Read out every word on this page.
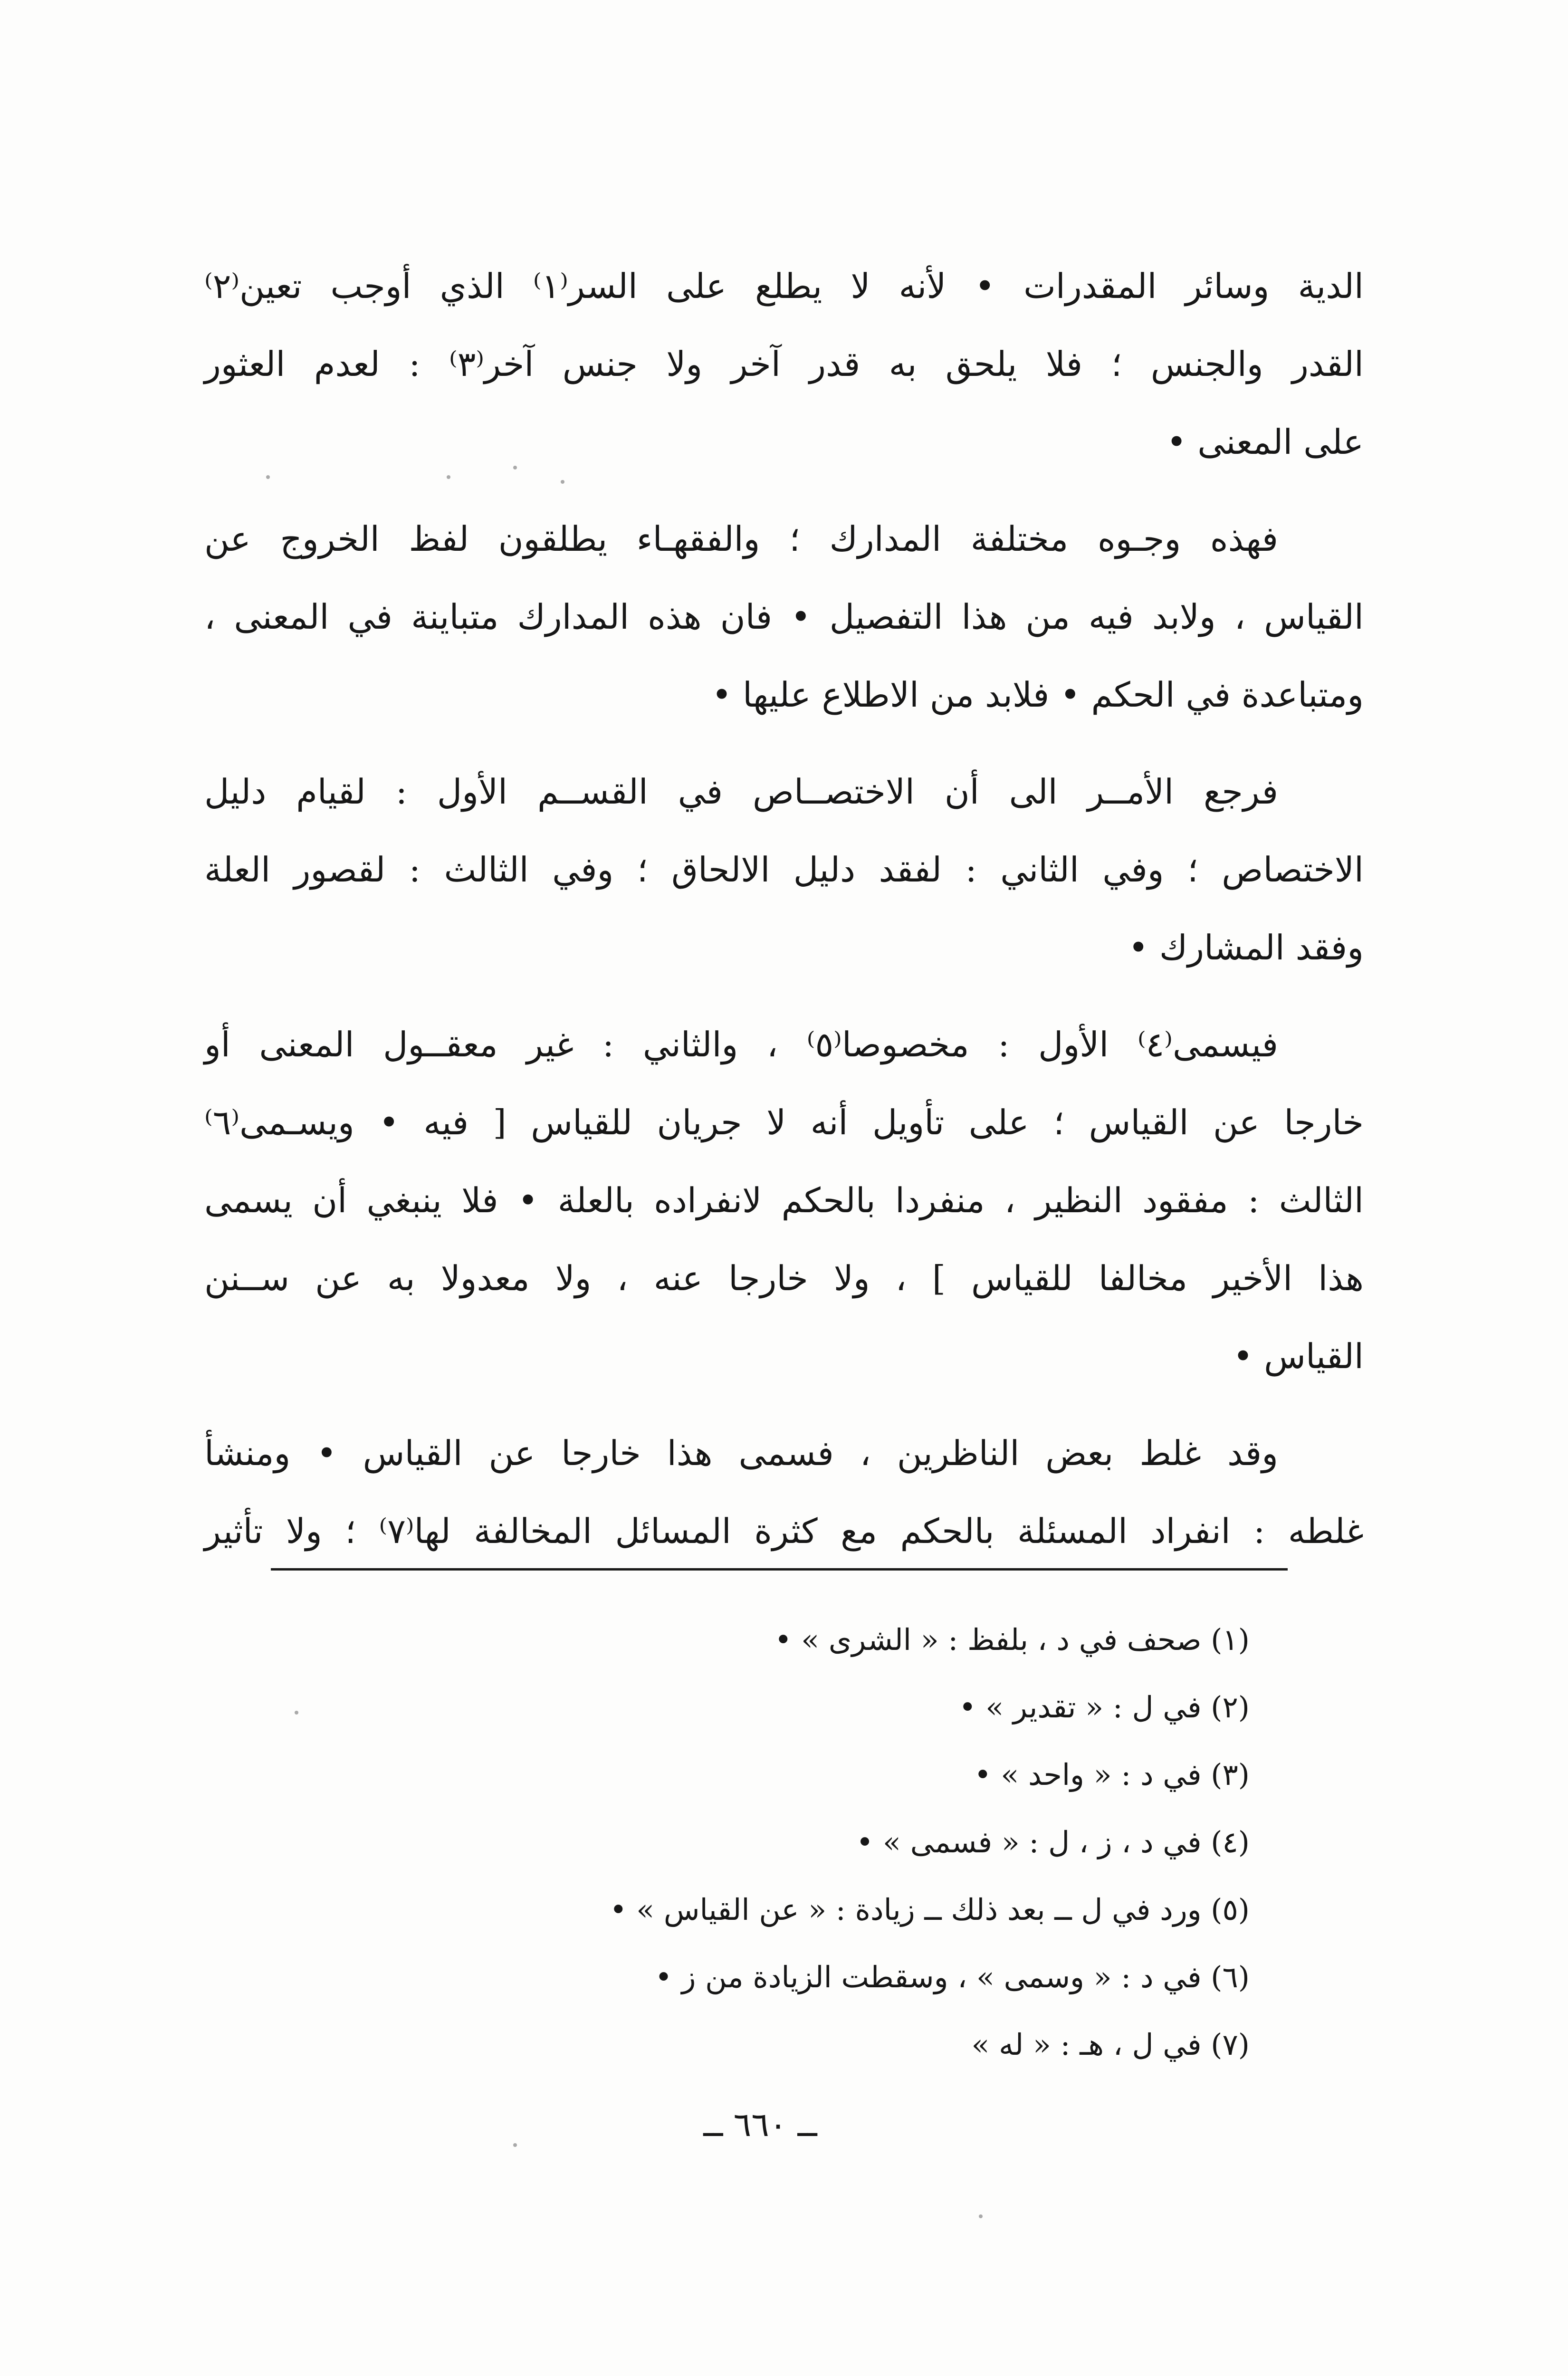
الدية وسائر المقدرات • لأنه لا يطلع على السر⁽١⁾ الذي أوجب تعين⁽٢⁾
القدر والجنس ؛ فلا يلحق به قدر آخر ولا جنس آخر⁽٣⁾ : لعدم العثور
على المعنى •
فهذه وجـوه مختلفة المدارك ؛ والفقهـاء يطلقون لفظ الخروج عن
القياس ، ولابد فيه من هذا التفصيل • فان هذه المدارك متباينة في المعنى ،
ومتباعدة في الحكم • فلابد من الاطلاع عليها •
فرجع الأمــر الى أن الاختصــاص في القســم الأول : لقيام دليل
الاختصاص ؛ وفي الثاني : لفقد دليل الالحاق ؛ وفي الثالث : لقصور العلة
وفقد المشارك •
فيسمى⁽٤⁾ الأول : مخصوصا⁽٥⁾ ، والثاني : غير معقــول المعنى أو
خارجا عن القياس ؛ على تأويل أنه لا جريان للقياس [ فيه • ويسـمى⁽٦⁾
الثالث : مفقود النظير ، منفردا بالحكم لانفراده بالعلة • فلا ينبغي أن يسمى
هذا الأخير مخالفا للقياس ] ، ولا خارجا عنه ، ولا معدولا به عن ســنن
القياس •
وقد غلط بعض الناظرين ، فسمى هذا خارجا عن القياس • ومنشأ
غلطه : انفراد المسئلة بالحكم مع كثرة المسائل المخالفة لها⁽٧⁾ ؛ ولا تأثير
(١) صحف في د ، بلفظ : « الشرى » •
(٢) في ل : « تقدير » •
(٣) في د : « واحد » •
(٤) في د ، ز ، ل : « فسمى » •
(٥) ورد في ل ــ بعد ذلك ــ زيادة : « عن القياس » •
(٦) في د : « وسمى » ، وسقطت الزيادة من ز •
(٧) في ل ، هـ : « له »
ــ ٦٦٠ ــ
